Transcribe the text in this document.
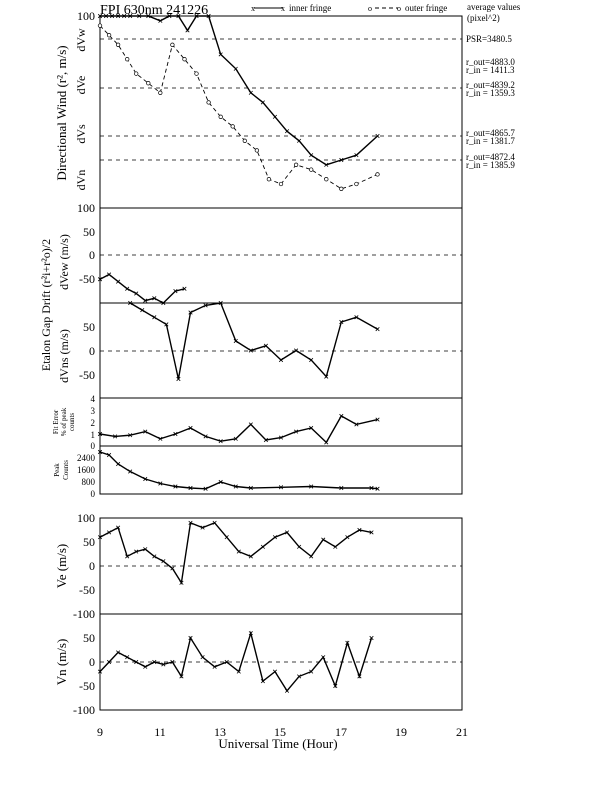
FPI 630nm 241226	x	x inner fringe	o	o outer fringe average values
(pixel^2)
PSR=3480.5
r_out=4883.0
r_in = 1411.3
r_out=4839.2
r_in = 1359.3
r_out=4865.7
r_in = 1381.7
r_out=4872.4
r_in = 1385.9
100
100
50
0
-50
50
0
-50
4
3
2
1
0
2400
1600
800
0
100
50
0
-50
-100
50
0
-50
-100
9	11	13	15	17	19	21
Universal Time (Hour)
Directional Wind (r², m/s)
dVw
dVe
dVs
dVn
Etalon Gap Drift (r²i+r²o)/2 dVew (m/s)
dVns (m/s)
Fit Error % of peak counts
Peak Counts
Ve (m/s)
Vn (m/s)
